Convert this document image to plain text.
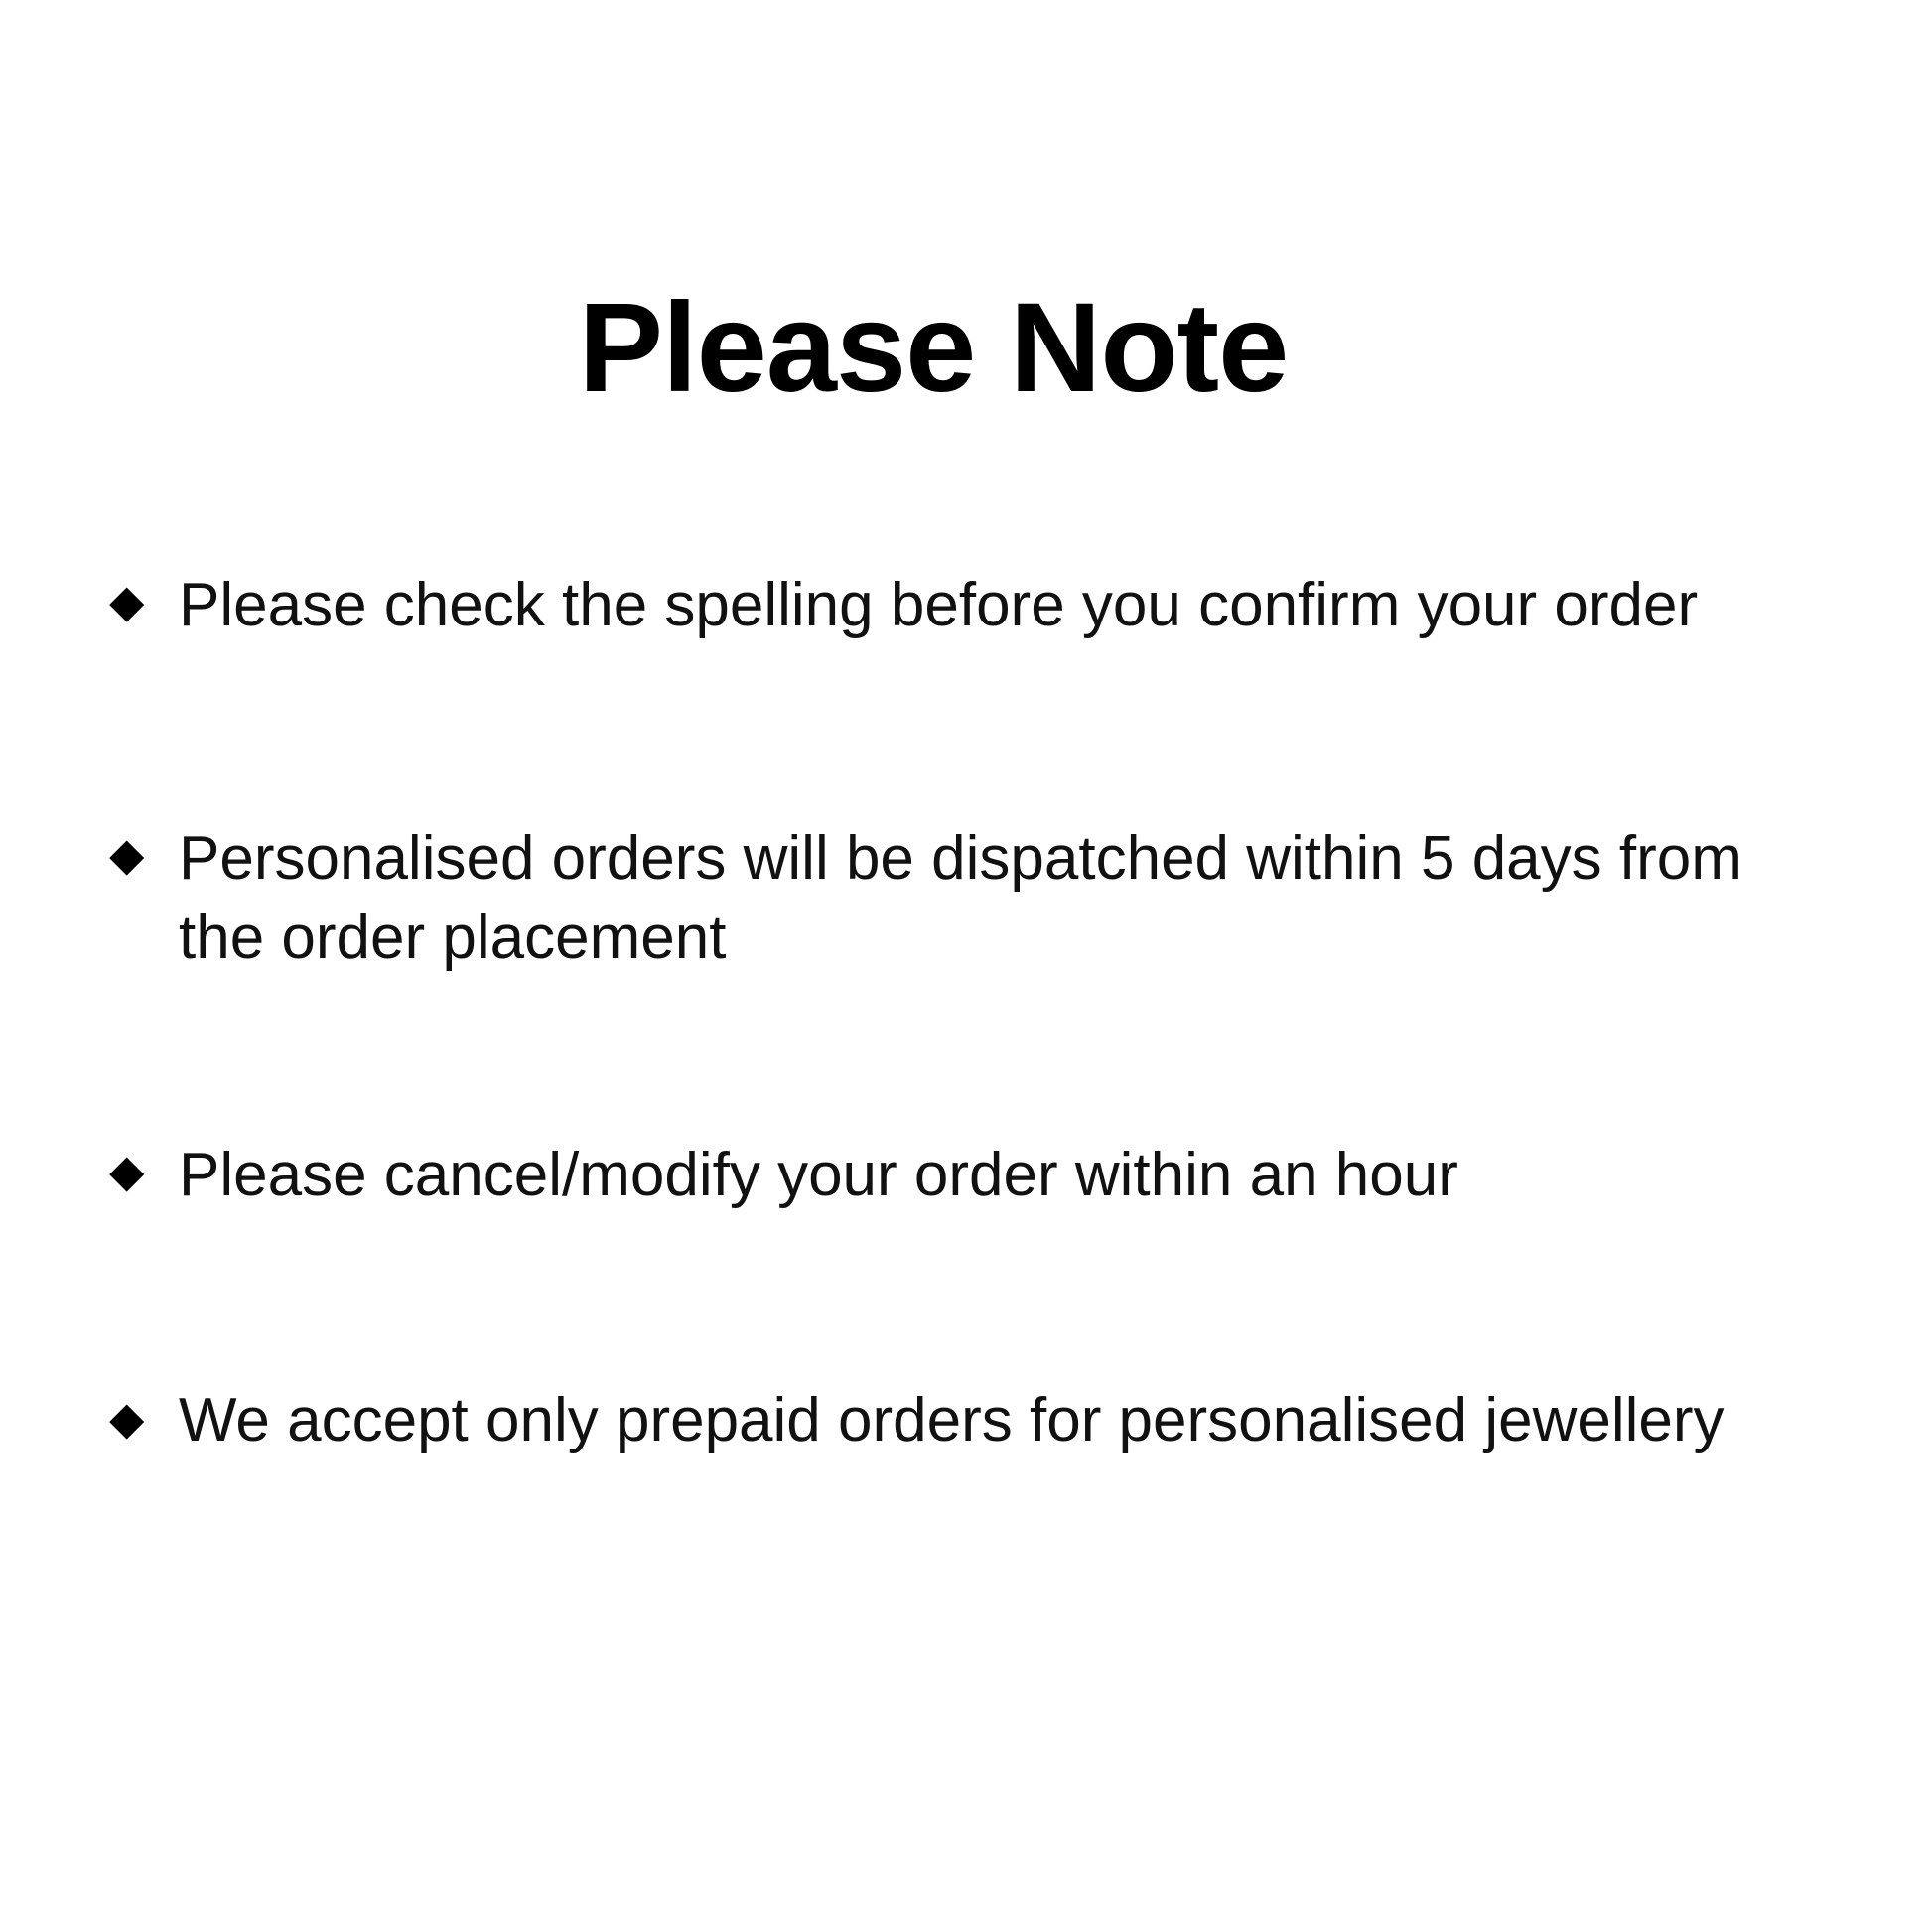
Please Note
◆ Please check the spelling before you confirm your order
◆ Personalised orders will be dispatched within 5 days from the order placement
◆ Please cancel/modify your order within an hour
◆ We accept only prepaid orders for personalised jewellery
